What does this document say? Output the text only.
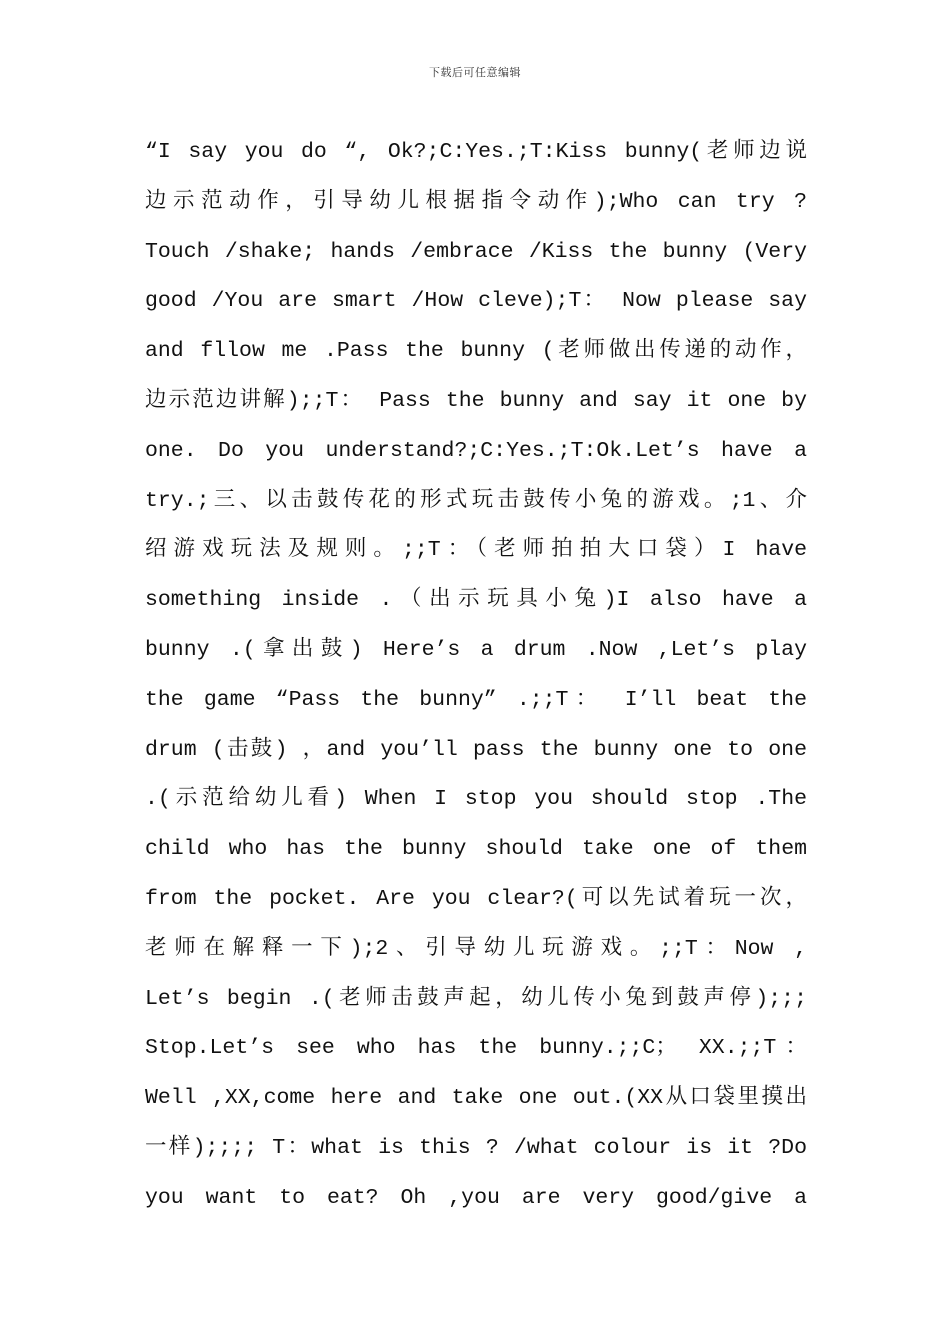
下载后可任意编辑
“I say you do “, Ok?;C:Yes.;T:Kiss bunny(老师边说
边示范动作，引导幼儿根据指令动作);Who can try ?
Touch /shake; hands /embrace /Kiss the bunny (Very
good /You are smart /How cleve);T： Now please say
and fllow me .Pass the bunny (老师做出传递的动作，
边示范边讲解);;T： Pass the bunny and say it one by
one. Do you understand?;C:Yes.;T:Ok.Let’s have a
try.;三、以击鼓传花的形式玩击鼓传小兔的游戏。;1、介
绍游戏玩法及规则。;;T：（老师拍拍大口袋）I have
something inside .（出示玩具小兔)I also have a
bunny .(拿出鼓) Here’s a drum .Now ,Let’s play
the game “Pass the bunny” .;;T： I’ll beat the
drum (击鼓) ，and you’ll pass the bunny one to one
.(示范给幼儿看) When I stop you should stop .The
child who has the bunny should take one of them
from the pocket. Are you clear?(可以先试着玩一次，
老师在解释一下);2、引导幼儿玩游戏。;;T：Now ,
Let’s begin .(老师击鼓声起，幼儿传小兔到鼓声停);;;
Stop.Let’s see who has the bunny.;;C； XX.;;T：
Well ,XX,come here and take one out.(XX从口袋里摸出
一样);;;; T：what is this ? /what colour is it ?Do
you want to eat? Oh ,you are very good/give a
